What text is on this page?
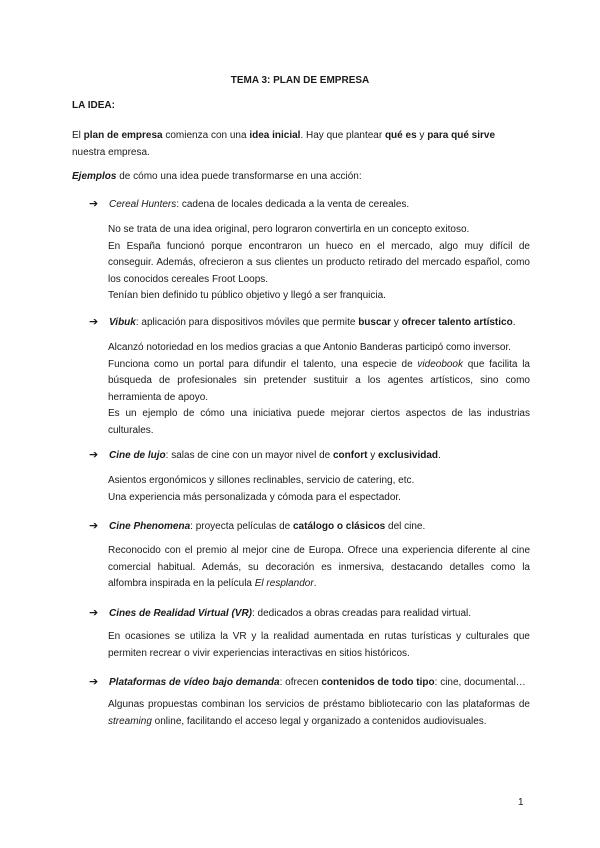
TEMA 3: PLAN DE EMPRESA
LA IDEA:
El plan de empresa comienza con una idea inicial. Hay que plantear qué es y para qué sirve nuestra empresa.
Ejemplos de cómo una idea puede transformarse en una acción:
➔ Cereal Hunters: cadena de locales dedicada a la venta de cereales.

No se trata de una idea original, pero lograron convertirla en un concepto exitoso.

En España funcionó porque encontraron un hueco en el mercado, algo muy difícil de conseguir. Además, ofrecieron a sus clientes un producto retirado del mercado español, como los conocidos cereales Froot Loops.

Tenían bien definido tu público objetivo y llegó a ser franquicia.

➔ Vibuk: aplicación para dispositivos móviles que permite buscar y ofrecer talento artístico.

Alcanzó notoriedad en los medios gracias a que Antonio Banderas participó como inversor.

Funciona como un portal para difundir el talento, una especie de videobook que facilita la búsqueda de profesionales sin pretender sustituir a los agentes artísticos, sino como herramienta de apoyo.

Es un ejemplo de cómo una iniciativa puede mejorar ciertos aspectos de las industrias culturales.

➔ Cine de lujo: salas de cine con un mayor nivel de confort y exclusividad.

Asientos ergonómicos y sillones reclinables, servicio de catering, etc.

Una experiencia más personalizada y cómoda para el espectador.

➔ Cine Phenomena: proyecta películas de catálogo o clásicos del cine.

Reconocido con el premio al mejor cine de Europa. Ofrece una experiencia diferente al cine comercial habitual. Además, su decoración es inmersiva, destacando detalles como la alfombra inspirada en la película El resplandor.

➔ Cines de Realidad Virtual (VR): dedicados a obras creadas para realidad virtual.

En ocasiones se utiliza la VR y la realidad aumentada en rutas turísticas y culturales que permiten recrear o vivir experiencias interactivas en sitios históricos.

➔ Plataformas de vídeo bajo demanda: ofrecen contenidos de todo tipo: cine, documental…

Algunas propuestas combinan los servicios de préstamo bibliotecario con las plataformas de streaming online, facilitando el acceso legal y organizado a contenidos audiovisuales.

1
